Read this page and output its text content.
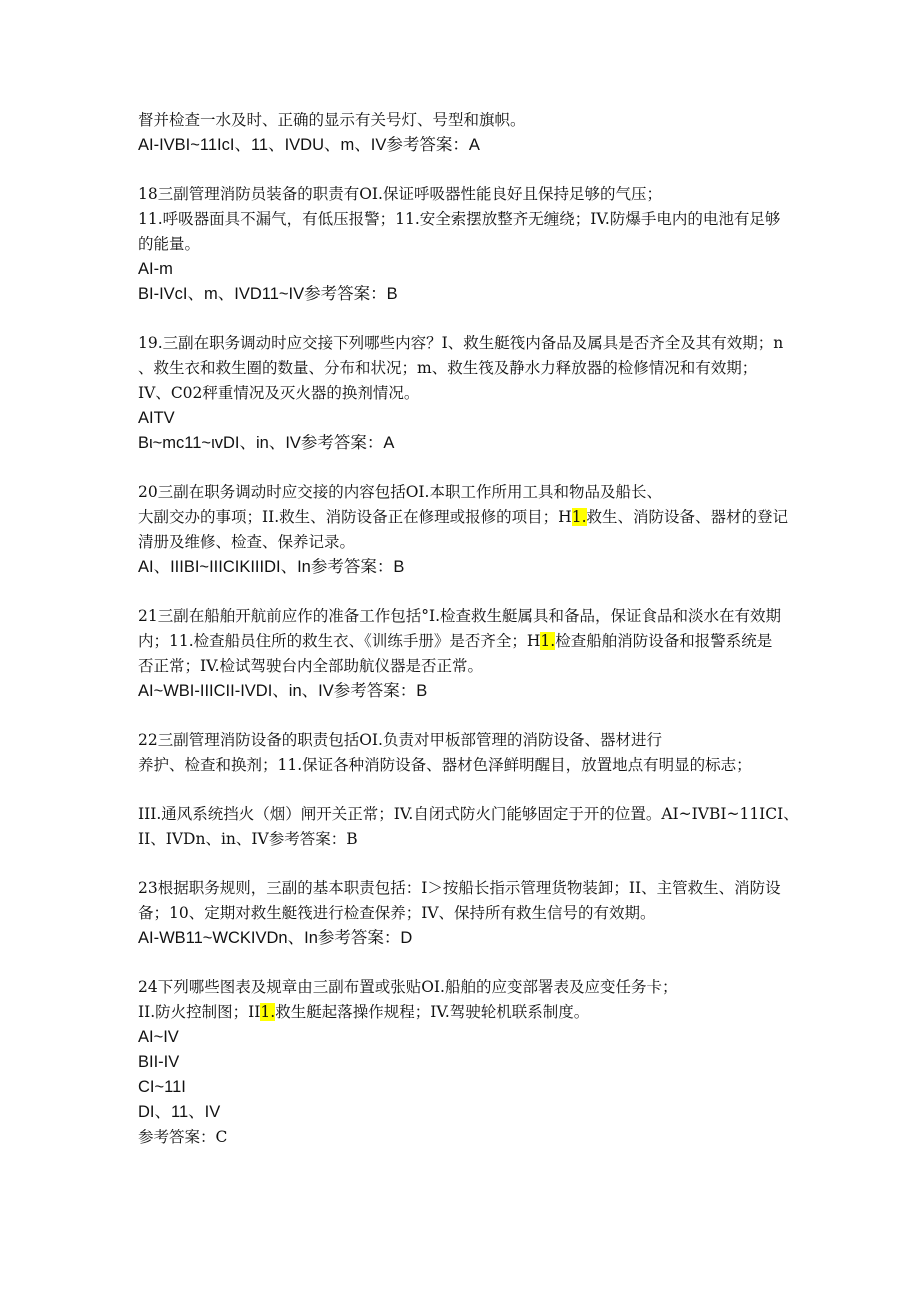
督并检查一水及时、正确的显示有关号灯、号型和旗帜。
AI-IVBI~11IcI、11、IVDU、m、IV参考答案：A
18三副管理消防员装备的职责有OI.保证呼吸器性能良好且保持足够的气压；
11.呼吸器面具不漏气，有低压报警；11.安全索摆放整齐无缠绕；IV.防爆手电内的电池有足够
的能量。
AI-m
BI-IVcI、m、IVD11~IV参考答案：B
19.三副在职务调动时应交接下列哪些内容？I、救生艇筏内备品及属具是否齐全及其有效期；n
、救生衣和救生圈的数量、分布和状况；m、救生筏及静水力释放器的检修情况和有效期；
IV、C02秤重情况及灭火器的换剂情况。
AITV
Bι~mc11~ιvDI、in、IV参考答案：A
20三副在职务调动时应交接的内容包括OI.本职工作所用工具和物品及船长、
大副交办的事项；II.救生、消防设备正在修理或报修的项目；H1.救生、消防设备、器材的登记
清册及维修、检查、保养记录。
AI、IIIBI~IIICIKIIIDI、In参考答案：B
21三副在船舶开航前应作的准备工作包括°I.检查救生艇属具和备品，保证食品和淡水在有效期
内；11.检查船员住所的救生衣、《训练手册》是否齐全；H1.检查船舶消防设备和报警系统是
否正常；IV.检试驾驶台内全部助航仪器是否正常。
AI~WBI-IIICII-IVDI、in、IV参考答案：B
22三副管理消防设备的职责包括OI.负责对甲板部管理的消防设备、器材进行
养护、检查和换剂；11.保证各种消防设备、器材色泽鲜明醒目，放置地点有明显的标志；
III.通风系统挡火（烟）闸开关正常；IV.自闭式防火门能够固定于开的位置。AI~IVBI~11ICI、
II、IVDn、in、IV参考答案：B
23根据职务规则，三副的基本职责包括：I＞按船长指示管理货物装卸；II、主管救生、消防设
备；10、定期对救生艇筏进行检查保养；IV、保持所有救生信号的有效期。
AI-WB11~WCKIVDn、In参考答案：D
24下列哪些图表及规章由三副布置或张贴OI.船舶的应变部署表及应变任务卡；
II.防火控制图；II1.救生艇起落操作规程；IV.驾驶轮机联系制度。
AI~IV
BII-IV
CI~11I
DI、11、IV
参考答案：C
